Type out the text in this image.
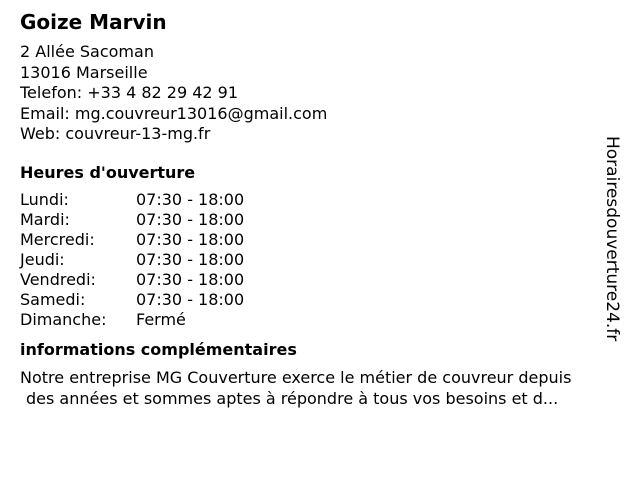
Goize Marvin
2 Allée Sacoman
13016 Marseille
Telefon: +33 4 82 29 42 91
Email: mg.couvreur13016@gmail.com
Web: couvreur-13-mg.fr
Heures d'ouverture
Lundi:	07:30 - 18:00
Mardi:	07:30 - 18:00
Mercredi:	07:30 - 18:00
Jeudi:	07:30 - 18:00
Vendredi:	07:30 - 18:00
Samedi:	07:30 - 18:00
Dimanche:	Fermé
informations complémentaires
Notre entreprise MG Couverture exerce le métier de couvreur depuis
des années et sommes aptes à répondre à tous vos besoins et d...
Horairesdouverture24.fr
